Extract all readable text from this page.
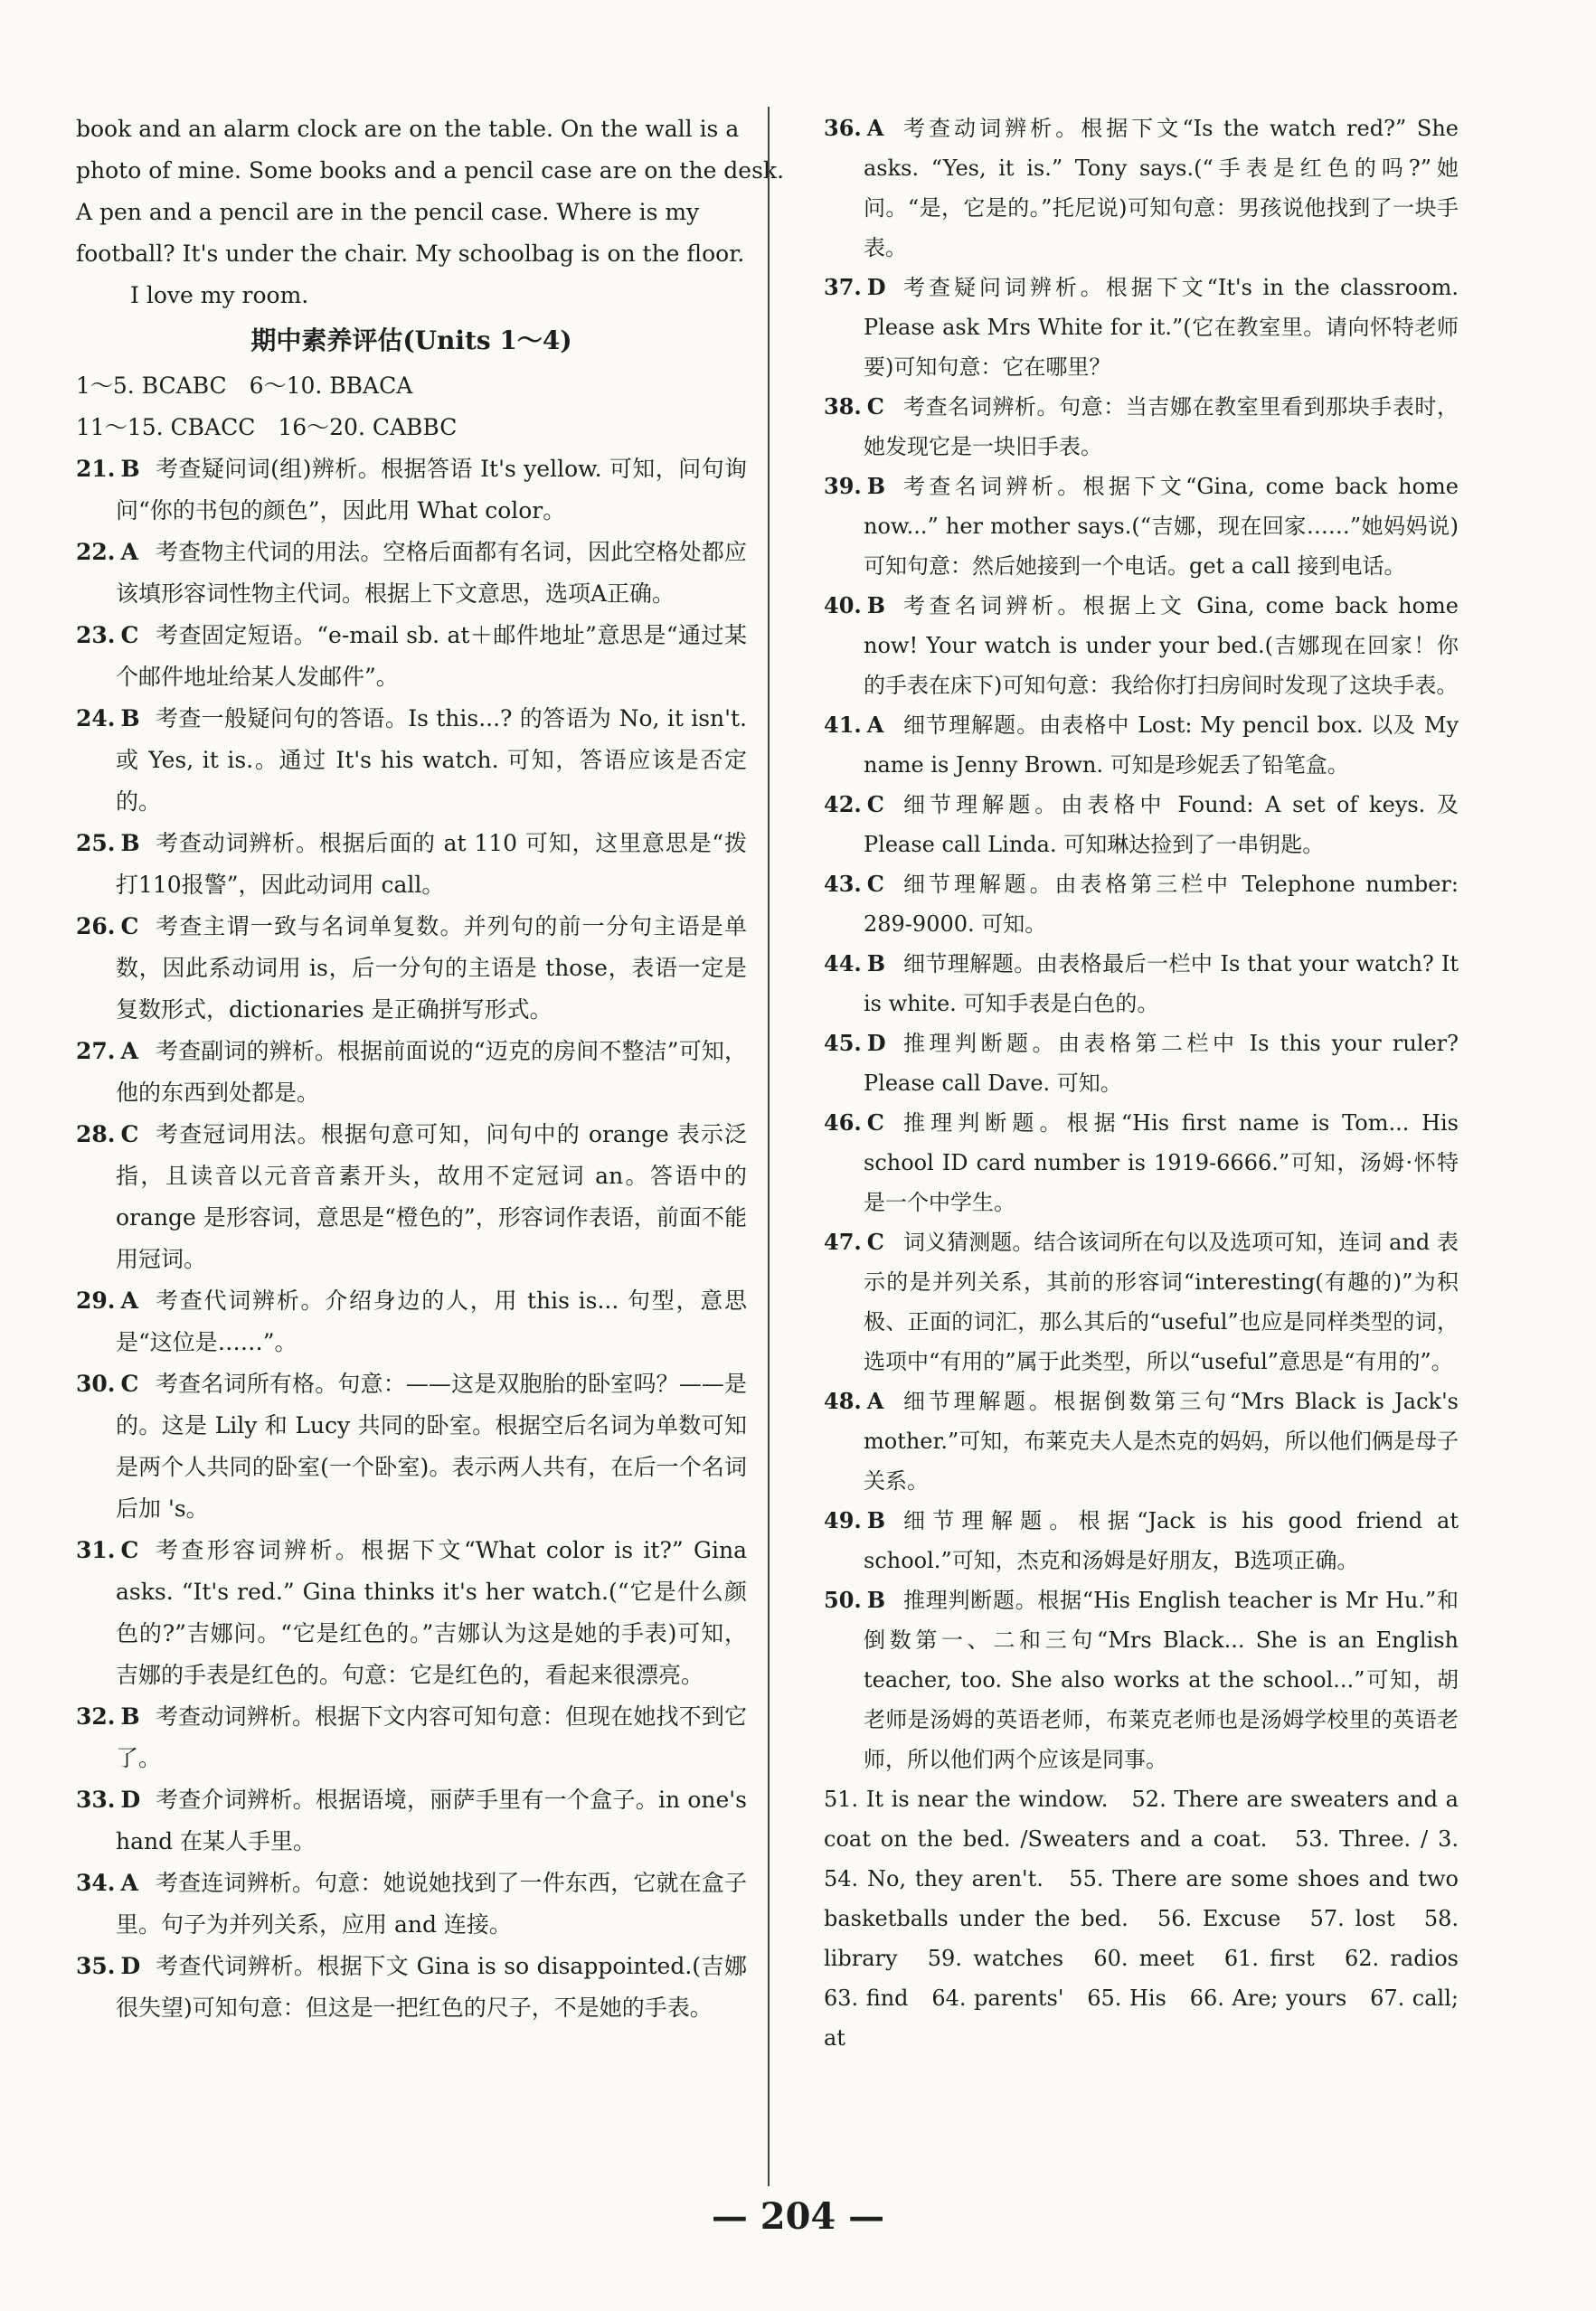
book and an alarm clock are on the table. On the wall is a
photo of mine. Some books and a pencil case are on the desk.
A pen and a pencil are in the pencil case. Where is my
football? It's under the chair. My schoolbag is on the floor.
I love my room.
期中素养评估(Units 1～4)
1～5. BCABC　6～10. BBACA
11～15. CBACC　16～20. CABBC
21. B 考查疑问词(组)辨析。根据答语 It's yellow. 可知，问句询问“你的书包的颜色”，因此用 What color。
22. A 考查物主代词的用法。空格后面都有名词，因此空格处都应该填形容词性物主代词。根据上下文意思，选项A正确。
23. C 考查固定短语。“e-mail sb. at＋邮件地址”意思是“通过某个邮件地址给某人发邮件”。
24. B 考查一般疑问句的答语。Is this...? 的答语为 No, it isn't. 或 Yes, it is.。通过 It's his watch. 可知，答语应该是否定的。
25. B 考查动词辨析。根据后面的 at 110 可知，这里意思是“拨打110报警”，因此动词用 call。
26. C 考查主谓一致与名词单复数。并列句的前一分句主语是单数，因此系动词用 is，后一分句的主语是 those，表语一定是复数形式，dictionaries 是正确拼写形式。
27. A 考查副词的辨析。根据前面说的“迈克的房间不整洁”可知，他的东西到处都是。
28. C 考查冠词用法。根据句意可知，问句中的 orange 表示泛指，且读音以元音音素开头，故用不定冠词 an。答语中的 orange 是形容词，意思是“橙色的”，形容词作表语，前面不能用冠词。
29. A 考查代词辨析。介绍身边的人，用 this is... 句型，意思是“这位是……”。
30. C 考查名词所有格。句意：——这是双胞胎的卧室吗？——是的。这是 Lily 和 Lucy 共同的卧室。根据空后名词为单数可知是两个人共同的卧室(一个卧室)。表示两人共有，在后一个名词后加 's。
31. C 考查形容词辨析。根据下文“What color is it?” Gina asks. “It's red.” Gina thinks it's her watch.(“它是什么颜色的?”吉娜问。“它是红色的。”吉娜认为这是她的手表)可知，吉娜的手表是红色的。句意：它是红色的，看起来很漂亮。
32. B 考查动词辨析。根据下文内容可知句意：但现在她找不到它了。
33. D 考查介词辨析。根据语境，丽萨手里有一个盒子。in one's hand 在某人手里。
34. A 考查连词辨析。句意：她说她找到了一件东西，它就在盒子里。句子为并列关系，应用 and 连接。
35. D 考查代词辨析。根据下文 Gina is so disappointed.(吉娜很失望)可知句意：但这是一把红色的尺子，不是她的手表。
36. A 考查动词辨析。根据下文“Is the watch red?” She asks. “Yes, it is.” Tony says.(“手表是红色的吗?”她问。“是，它是的。”托尼说)可知句意：男孩说他找到了一块手表。
37. D 考查疑问词辨析。根据下文“It's in the classroom. Please ask Mrs White for it.”(它在教室里。请向怀特老师要)可知句意：它在哪里？
38. C 考查名词辨析。句意：当吉娜在教室里看到那块手表时，她发现它是一块旧手表。
39. B 考查名词辨析。根据下文“Gina, come back home now...” her mother says.(“吉娜，现在回家……”她妈妈说)可知句意：然后她接到一个电话。get a call 接到电话。
40. B 考查名词辨析。根据上文 Gina, come back home now! Your watch is under your bed.(吉娜现在回家！你的手表在床下)可知句意：我给你打扫房间时发现了这块手表。
41. A 细节理解题。由表格中 Lost: My pencil box. 以及 My name is Jenny Brown. 可知是珍妮丢了铅笔盒。
42. C 细节理解题。由表格中 Found: A set of keys. 及 Please call Linda. 可知琳达捡到了一串钥匙。
43. C 细节理解题。由表格第三栏中 Telephone number: 289-9000. 可知。
44. B 细节理解题。由表格最后一栏中 Is that your watch? It is white. 可知手表是白色的。
45. D 推理判断题。由表格第二栏中 Is this your ruler? Please call Dave. 可知。
46. C 推理判断题。根据“His first name is Tom... His school ID card number is 1919-6666.”可知，汤姆·怀特是一个中学生。
47. C 词义猜测题。结合该词所在句以及选项可知，连词 and 表示的是并列关系，其前的形容词“interesting(有趣的)”为积极、正面的词汇，那么其后的“useful”也应是同样类型的词，选项中“有用的”属于此类型，所以“useful”意思是“有用的”。
48. A 细节理解题。根据倒数第三句“Mrs Black is Jack's mother.”可知，布莱克夫人是杰克的妈妈，所以他们俩是母子关系。
49. B 细节理解题。根据“Jack is his good friend at school.”可知，杰克和汤姆是好朋友，B选项正确。
50. B 推理判断题。根据“His English teacher is Mr Hu.”和倒数第一、二和三句“Mrs Black... She is an English teacher, too. She also works at the school...”可知，胡老师是汤姆的英语老师，布莱克老师也是汤姆学校里的英语老师，所以他们两个应该是同事。
51. It is near the window.　52. There are sweaters and a coat on the bed. /Sweaters and a coat.　53. Three. / 3.　54. No, they aren't.　55. There are some shoes and two basketballs under the bed.　56. Excuse　57. lost　58. library　59. watches　60. meet　61. first　62. radios　63. find　64. parents'　65. His　66. Are; yours　67. call; at
— 204 —
